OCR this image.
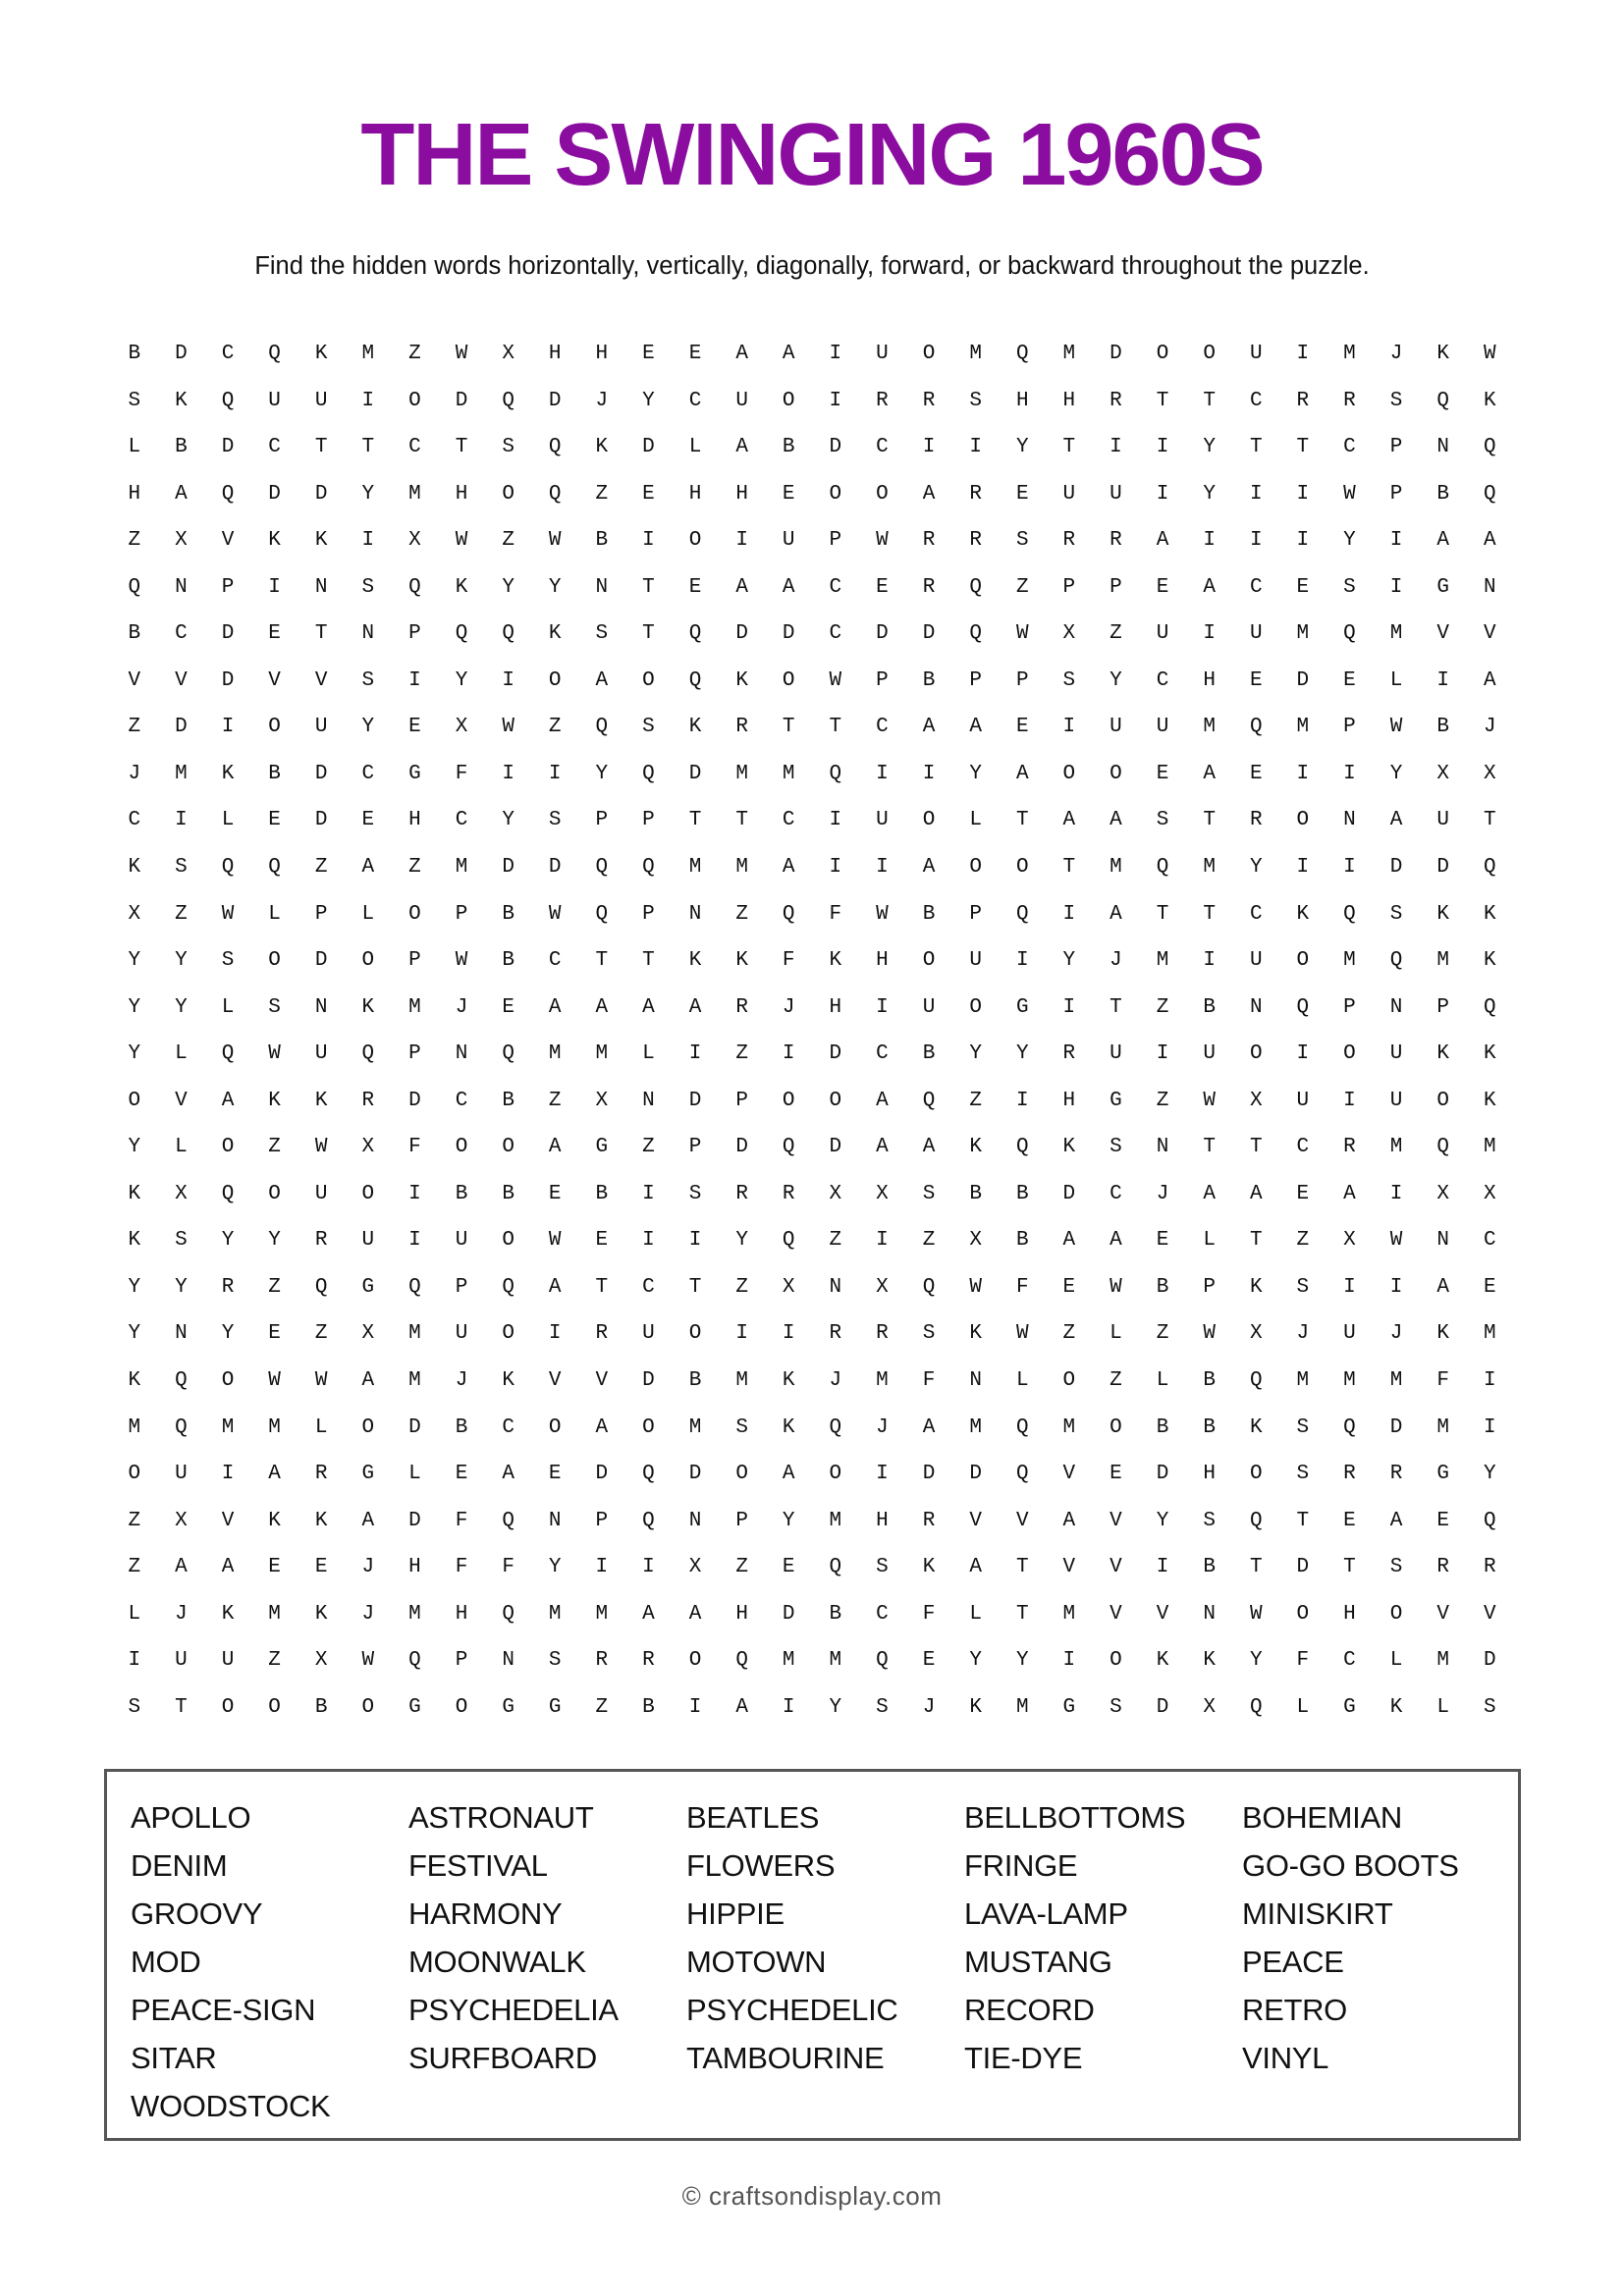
THE SWINGING 1960S
Find the hidden words horizontally, vertically, diagonally, forward, or backward throughout the puzzle.
BDCQKMZWXHHEEAAIUOMQMDOOUIMJKW
SKQUUIODQDJYCUOIRRSHHRTTCRRSQK
LBDCTTCTSQKDLABDCIIYTIIYTTCPNQ
HAQDDYMHOQZEHHEOOAREUUIYIIWPBQ
ZXVKKIXWZWBIOIUPWRRSRRAIIIYIAA
QNPINSQKYYNTEAACERQZPPEACESIGN
BCDETNPQQKSTQDDCDDQWXZUIUMQMVV
VVDVVSIYIOAOQKOWPBPPSYCHEDELIA
ZDIOUYEXWZQSKRTTCAAEIUUMQMPWBJ
JMKBDCGFIIYQDMMQIIYAOOEAEIIYXX
CILEDEHCYSPPTTCIUOLTAASTRONAUT
KSQQZAZMDDQQMMAIIAOOTMQMYIIDDQ
XZWLPLOPBWQPNZQFWBPQIATTCKQSKK
YYSODOPWBCTTKKFKHOUIYJMIUOMQMK
YYLSNKMJEAAAARJHIUOGITZBNQPNPQ
YLQWUQPNQMMLIZIDCBYYRUIUOIOUKK
OVAKKRDCBZXNDPOOAQZIHGZWXUIUOK
YLOZWXFOOAGZPDQDAAKQKSNTTCRMQM
KXQOUOIBBEBISRRXXSBBDCJAAEAIXX
KSYYRUIUOWEIIYQZIZXBAAELTZXWNC
YYRZQGQPQATCTZXNXQWFEWBPKSIIAE
YNYEZXMUOIRUOIIRRSKWZLZWXJUJKM
KQOWWAMJKVVDBMKJMFNLOZLBQMMMFI
MQMMLODBCOAOMSKQJAMQMOBBKSQDMI
OUIARGLEAEDQDOAOIDDQVEDHOSRRGY
ZXVKKADFQNPQNPYMHRVVAVYSQTEAEQ
ZAAEEJHFFYIIXZEQSKATVVIBTDTSRR
LJKMKJMHQMMAAHDBCFLTMVVNWOHOVV
IUUZXWQPNSRROQMMQEYYIOKKYFCLMD
STOOBOGOGGZBIAIYSJKMGSDXQLGKLS
APOLLO	ASTRONAUT	BEATLES	BELLBOTTOMS	BOHEMIAN
DENIM	FESTIVAL	FLOWERS	FRINGE	GO-GO BOOTS
GROOVY	HARMONY	HIPPIE	LAVA-LAMP	MINISKIRT
MOD	MOONWALK	MOTOWN	MUSTANG	PEACE
PEACE-SIGN	PSYCHEDELIA	PSYCHEDELIC	RECORD	RETRO
SITAR	SURFBOARD	TAMBOURINE	TIE-DYE	VINYL
WOODSTOCK
© craftsondisplay.com
